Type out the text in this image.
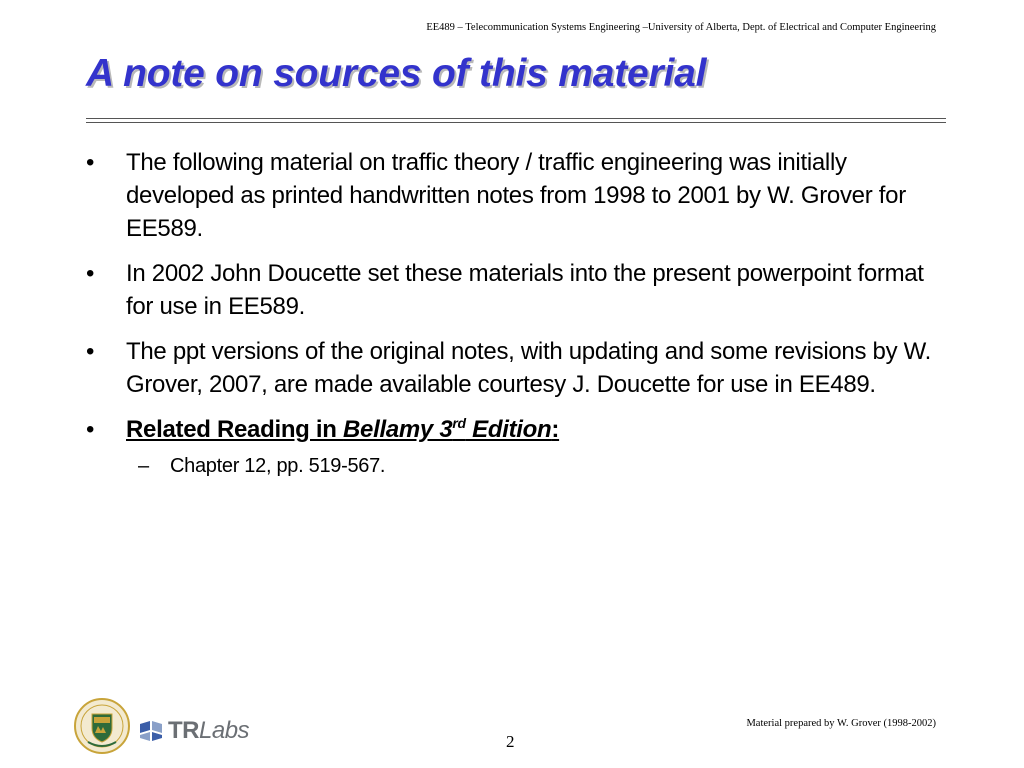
EE489 – Telecommunication Systems Engineering –University of Alberta, Dept. of Electrical and Computer Engineering
A note on sources of this material
•	The following material on traffic theory / traffic engineering was initially developed as printed handwritten notes from 1998 to 2001 by W. Grover for EE589.
•	In 2002 John Doucette set these materials into the present powerpoint format for use in EE589.
•	The ppt versions of the original notes, with updating and some revisions by W. Grover, 2007, are made available courtesy J. Doucette for use in EE489.
•	Related Reading in Bellamy 3rd Edition:
– Chapter 12, pp. 519-567.
TRLabs	Material prepared by W. Grover (1998-2002)
2
